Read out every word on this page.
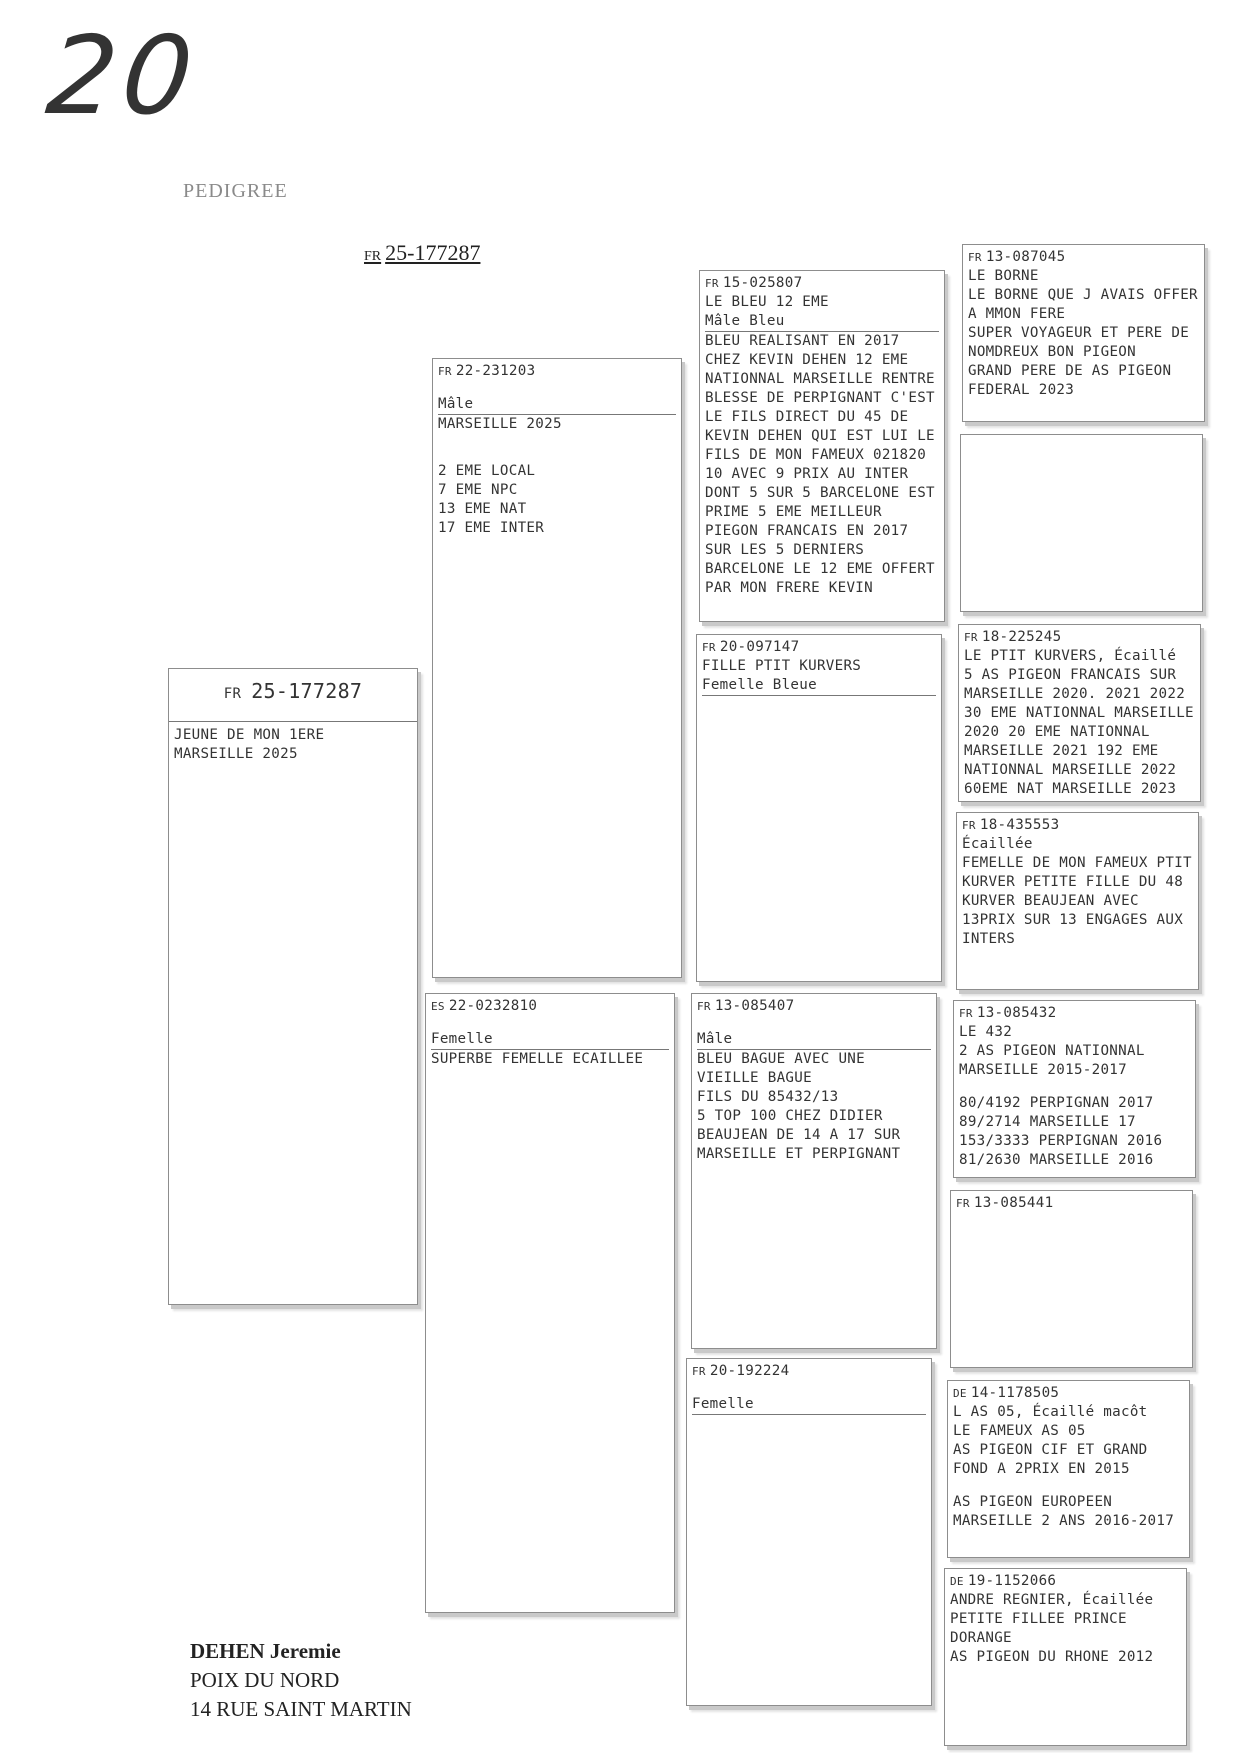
20
PEDIGREE
FR 25-177287
FR 25-177287
JEUNE DE MON 1ERE
MARSEILLE 2025
FR 22-231203
Mâle
MARSEILLE 2025
2 EME LOCAL
7 EME NPC
13 EME NAT
17 EME INTER
ES 22-0232810
Femelle
SUPERBE FEMELLE ECAILLEE
FR 15-025807
LE BLEU 12 EME
Mâle Bleu
BLEU REALISANT EN 2017
CHEZ KEVIN DEHEN 12 EME
NATIONNAL MARSEILLE RENTRE
BLESSE DE PERPIGNANT C'EST
LE FILS DIRECT DU 45 DE
KEVIN DEHEN QUI EST LUI LE
FILS DE MON FAMEUX 021820
10 AVEC 9 PRIX AU INTER
DONT 5 SUR 5 BARCELONE EST
PRIME 5 EME MEILLEUR
PIEGON FRANCAIS EN 2017
SUR LES 5 DERNIERS
BARCELONE LE 12 EME OFFERT
PAR MON FRERE KEVIN
FR 20-097147
FILLE PTIT KURVERS
Femelle Bleue
FR 13-085407
Mâle
BLEU BAGUE AVEC UNE
VIEILLE BAGUE
FILS DU 85432/13
5 TOP 100 CHEZ DIDIER
BEAUJEAN DE 14 A 17 SUR
MARSEILLE ET PERPIGNANT
FR 20-192224
Femelle
FR 13-087045
LE BORNE
LE BORNE QUE J AVAIS OFFER
A MMON FERE
SUPER VOYAGEUR ET PERE DE
NOMDREUX BON PIGEON
GRAND PERE DE AS PIGEON
FEDERAL 2023
FR 18-225245
LE PTIT KURVERS, Écaillé
5 AS PIGEON FRANCAIS SUR
MARSEILLE 2020. 2021 2022
30 EME NATIONNAL MARSEILLE
2020 20 EME NATIONNAL
MARSEILLE 2021 192 EME
NATIONNAL MARSEILLE 2022
60EME NAT MARSEILLE 2023
FR 18-435553
Écaillée
FEMELLE DE MON FAMEUX PTIT
KURVER PETITE FILLE DU 48
KURVER BEAUJEAN AVEC
13PRIX SUR 13 ENGAGES AUX
INTERS
FR 13-085432
LE 432
2 AS PIGEON NATIONNAL
MARSEILLE 2015-2017
80/4192 PERPIGNAN 2017
89/2714 MARSEILLE 17
153/3333 PERPIGNAN 2016
81/2630 MARSEILLE 2016
FR 13-085441
DE 14-1178505
L AS 05, Écaillé macôt
LE FAMEUX AS 05
AS PIGEON CIF ET GRAND
FOND A 2PRIX EN 2015
AS PIGEON EUROPEEN
MARSEILLE 2 ANS 2016-2017
DE 19-1152066
ANDRE REGNIER, Écaillée
PETITE FILLEE PRINCE
DORANGE
AS PIGEON DU RHONE 2012
DEHEN Jeremie
POIX DU NORD
14 RUE SAINT MARTIN
